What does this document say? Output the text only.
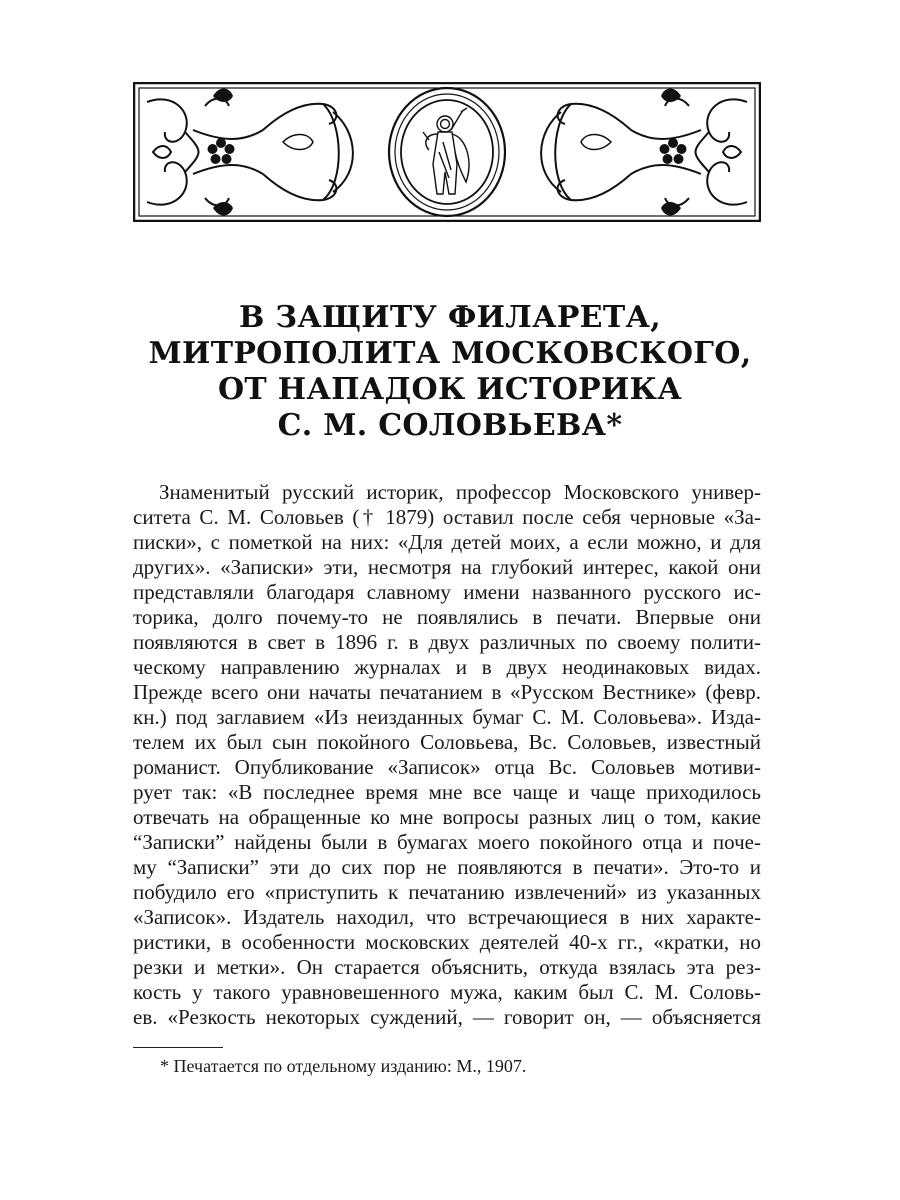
В ЗАЩИТУ ФИЛАРЕТА,
МИТРОПОЛИТА МОСКОВСКОГО,
ОТ НАПАДОК ИСТОРИКА
С. М. СОЛОВЬЕВА*
Знаменитый русский историк, профессор Московского универ-
ситета С. М. Соловьев († 1879) оставил после себя черновые «За-
писки», с пометкой на них: «Для детей моих, а если можно, и для
других». «Записки» эти, несмотря на глубокий интерес, какой они
представляли благодаря славному имени названного русского ис-
торика, долго почему-то не появлялись в печати. Впервые они
появляются в свет в 1896 г. в двух различных по своему полити-
ческому направлению журналах и в двух неодинаковых видах.
Прежде всего они начаты печатанием в «Русском Вестнике» (февр.
кн.) под заглавием «Из неизданных бумаг С. М. Соловьева». Изда-
телем их был сын покойного Соловьева, Вс. Соловьев, известный
романист. Опубликование «Записок» отца Вс. Соловьев мотиви-
рует так: «В последнее время мне все чаще и чаще приходилось
отвечать на обращенные ко мне вопросы разных лиц о том, какие
“Записки” найдены были в бумагах моего покойного отца и поче-
му “Записки” эти до сих пор не появляются в печати». Это-то и
побудило его «приступить к печатанию извлечений» из указанных
«Записок». Издатель находил, что встречающиеся в них характе-
ристики, в особенности московских деятелей 40-х гг., «кратки, но
резки и метки». Он старается объяснить, откуда взялась эта рез-
кость у такого уравновешенного мужа, каким был С. М. Соловь-
ев. «Резкость некоторых суждений, — говорит он, — объясняется
* Печатается по отдельному изданию: М., 1907.
